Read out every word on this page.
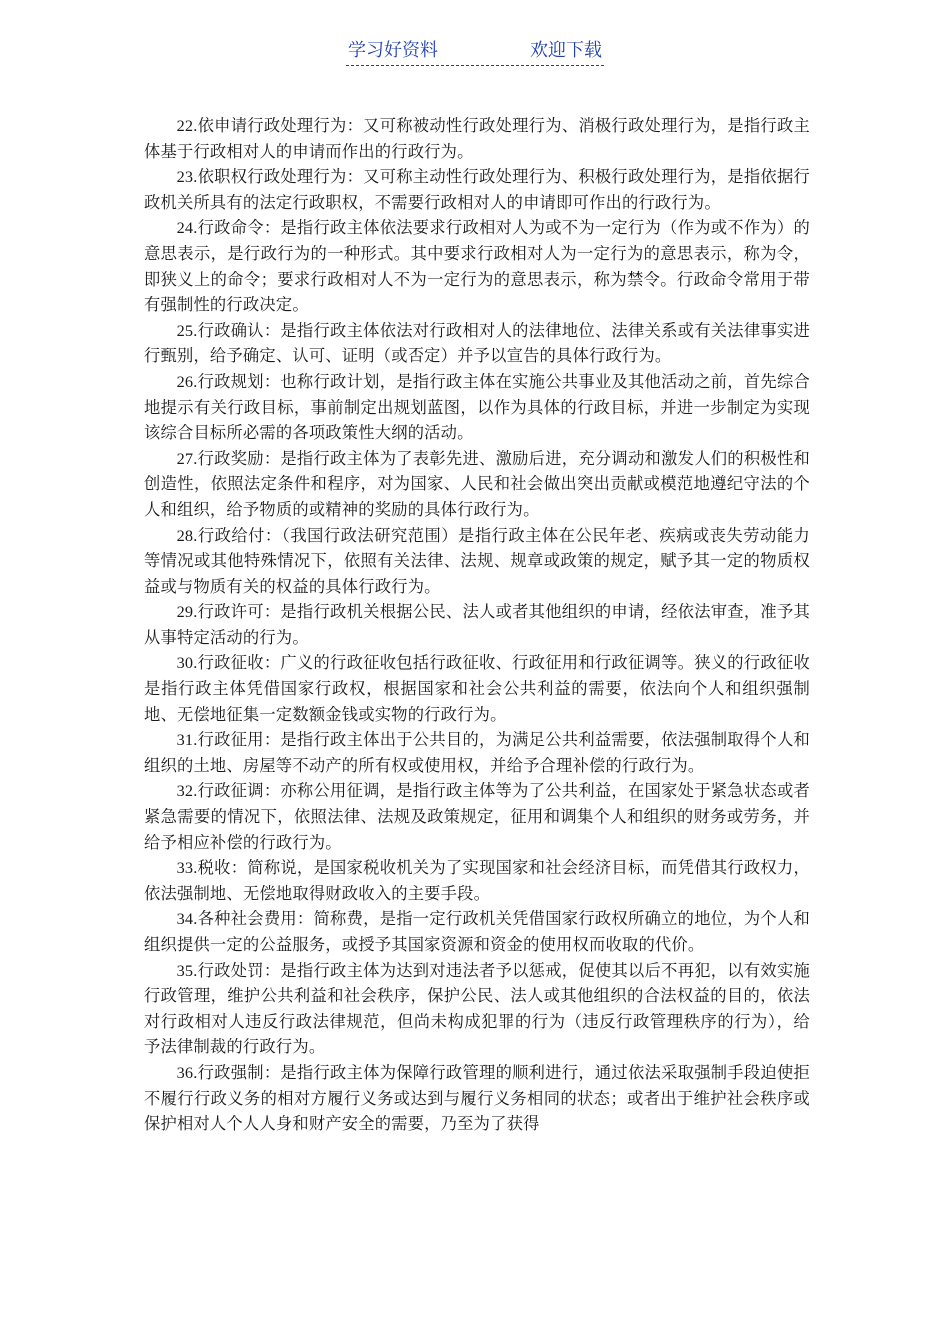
学习好资料	欢迎下载

22.依申请行政处理行为：又可称被动性行政处理行为、消极行政处理行为，是指行政主体基于行政相对人的申请而作出的行政行为。

23.依职权行政处理行为：又可称主动性行政处理行为、积极行政处理行为，是指依据行政机关所具有的法定行政职权，不需要行政相对人的申请即可作出的行政行为。

24.行政命令：是指行政主体依法要求行政相对人为或不为一定行为（作为或不作为）的意思表示，是行政行为的一种形式。其中要求行政相对人为一定行为的意思表示，称为令，即狭义上的命令；要求行政相对人不为一定行为的意思表示，称为禁令。行政命令常用于带有强制性的行政决定。

25.行政确认：是指行政主体依法对行政相对人的法律地位、法律关系或有关法律事实进行甄别，给予确定、认可、证明（或否定）并予以宣告的具体行政行为。

26.行政规划：也称行政计划，是指行政主体在实施公共事业及其他活动之前，首先综合地提示有关行政目标，事前制定出规划蓝图，以作为具体的行政目标，并进一步制定为实现该综合目标所必需的各项政策性大纲的活动。

27.行政奖励：是指行政主体为了表彰先进、激励后进，充分调动和激发人们的积极性和创造性，依照法定条件和程序，对为国家、人民和社会做出突出贡献或模范地遵纪守法的个人和组织，给予物质的或精神的奖励的具体行政行为。

28.行政给付：（我国行政法研究范围）是指行政主体在公民年老、疾病或丧失劳动能力等情况或其他特殊情况下，依照有关法律、法规、规章或政策的规定，赋予其一定的物质权益或与物质有关的权益的具体行政行为。

29.行政许可：是指行政机关根据公民、法人或者其他组织的申请，经依法审查，准予其从事特定活动的行为。

30.行政征收：广义的行政征收包括行政征收、行政征用和行政征调等。狭义的行政征收是指行政主体凭借国家行政权，根据国家和社会公共利益的需要，依法向个人和组织强制地、无偿地征集一定数额金钱或实物的行政行为。

31.行政征用：是指行政主体出于公共目的，为满足公共利益需要，依法强制取得个人和组织的土地、房屋等不动产的所有权或使用权，并给予合理补偿的行政行为。

32.行政征调：亦称公用征调，是指行政主体等为了公共利益，在国家处于紧急状态或者紧急需要的情况下，依照法律、法规及政策规定，征用和调集个人和组织的财务或劳务，并给予相应补偿的行政行为。

33.税收：简称说，是国家税收机关为了实现国家和社会经济目标，而凭借其行政权力，依法强制地、无偿地取得财政收入的主要手段。

34.各种社会费用：简称费，是指一定行政机关凭借国家行政权所确立的地位，为个人和组织提供一定的公益服务，或授予其国家资源和资金的使用权而收取的代价。

35.行政处罚：是指行政主体为达到对违法者予以惩戒，促使其以后不再犯，以有效实施行政管理，维护公共利益和社会秩序，保护公民、法人或其他组织的合法权益的目的，依法对行政相对人违反行政法律规范，但尚未构成犯罪的行为（违反行政管理秩序的行为），给予法律制裁的行政行为。

36.行政强制：是指行政主体为保障行政管理的顺利进行，通过依法采取强制手段迫使拒不履行行政义务的相对方履行义务或达到与履行义务相同的状态；或者出于维护社会秩序或保护相对人个人人身和财产安全的需要，乃至为了获得
